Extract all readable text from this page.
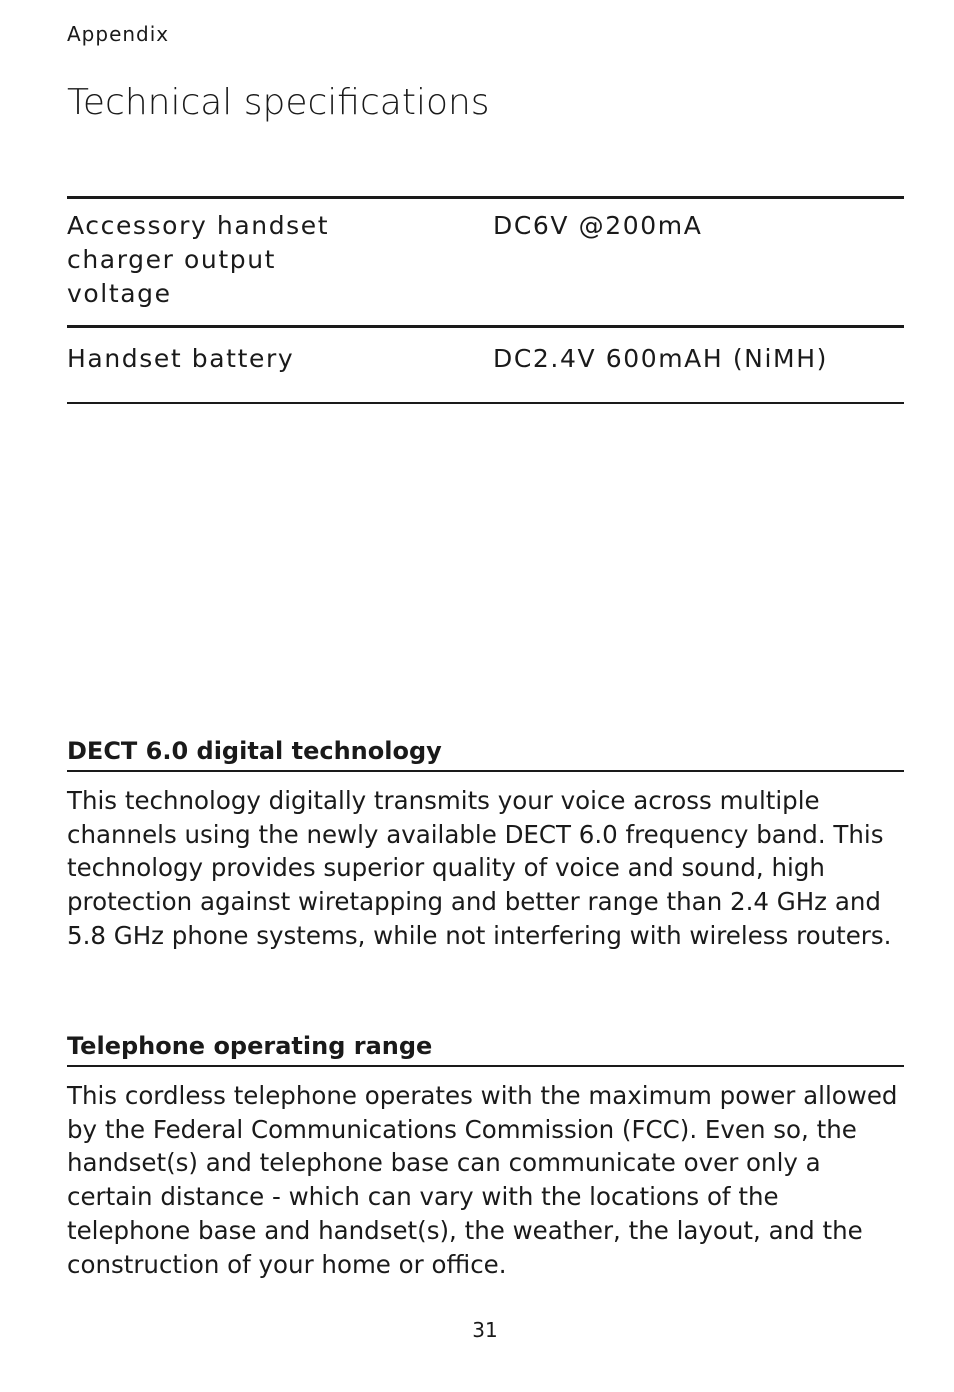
Appendix
Technical specifications
Accessory handset charger output voltage	DC6V @200mA
Handset battery	DC2.4V 600mAH (NiMH)
DECT 6.0 digital technology
This technology digitally transmits your voice across multiple channels using the newly available DECT 6.0 frequency band. This technology provides superior quality of voice and sound, high protection against wiretapping and better range than 2.4 GHz and 5.8 GHz phone systems, while not interfering with wireless routers.
Telephone operating range
This cordless telephone operates with the maximum power allowed by the Federal Communications Commission (FCC). Even so, the handset(s) and telephone base can communicate over only a certain distance - which can vary with the locations of the telephone base and handset(s), the weather, the layout, and the construction of your home or office.
31
